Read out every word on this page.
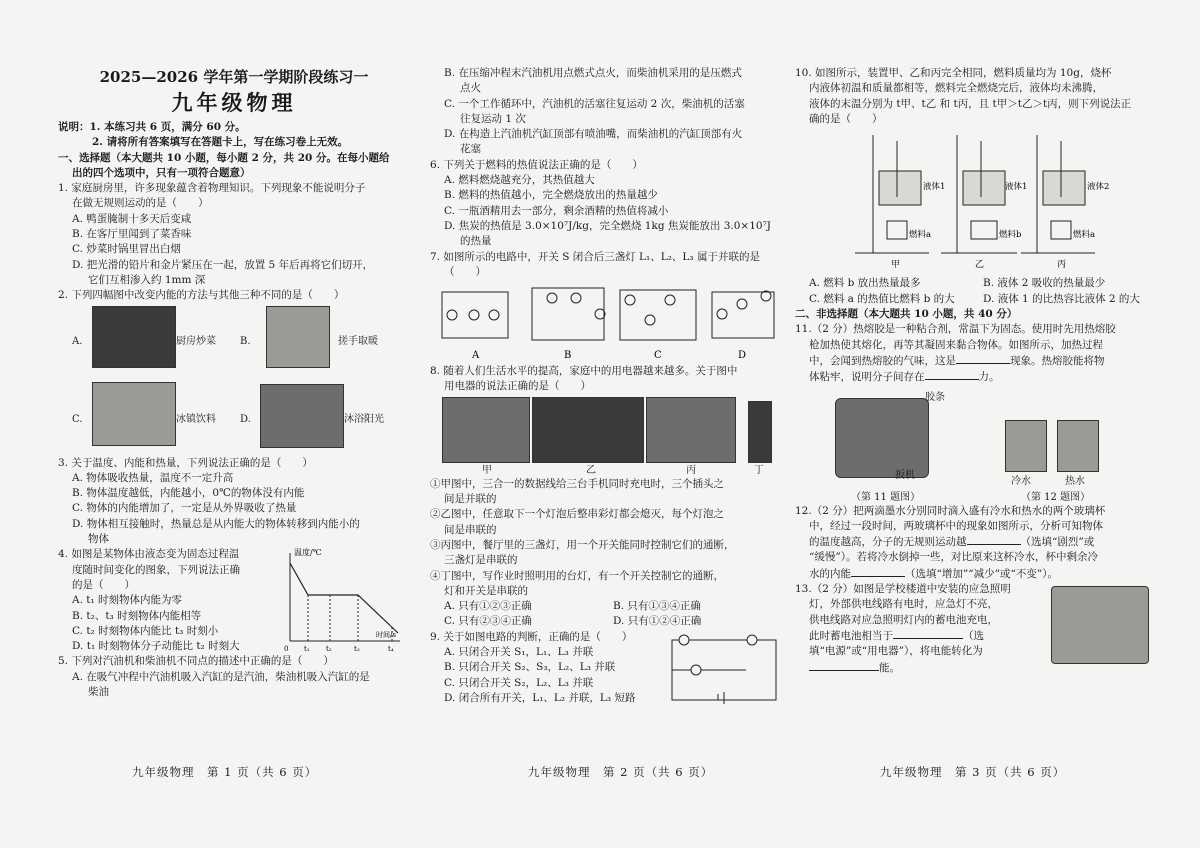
2025—2026 学年第一学期阶段练习一

九年级物理

说明：1. 本练习共 6 页，满分 60 分。

2. 请将所有答案填写在答题卡上，写在练习卷上无效。

一、选择题（本大题共 10 小题，每小题 2 分，共 20 分。在每小题给

出的四个选项中，只有一项符合题意）

1. 家庭厨房里，许多现象蕴含着物理知识。下列现象不能说明分子

在做无规则运动的是（　　）

A. 鸭蛋腌制十多天后变咸

B. 在客厅里闻到了菜香味

C. 炒菜时锅里冒出白烟

D. 把光滑的铅片和金片紧压在一起，放置 5 年后再将它们切开，

它们互相渗入约 1mm 深

2. 下列四幅图中改变内能的方法与其他三种不同的是（　　）

A.	厨房炒菜 B.	搓手取暖
C.	冰镇饮料 D.	沐浴阳光

3. 关于温度、内能和热量，下列说法正确的是（　　）

A. 物体吸收热量，温度不一定升高

B. 物体温度越低，内能越小，0℃的物体没有内能

C. 物体的内能增加了，一定是从外界吸收了热量

D. 物体相互接触时，热量总是从内能大的物体转移到内能小的

物体

4. 如图是某物体由液态变为固态过程温

度随时间变化的图象，下列说法正确

的是（　　）

A. t₁ 时刻物体内能为零

B. t₂、t₃ 时刻物体内能相等

C. t₂ 时刻物体内能比 t₃ 时刻小

D. t₁ 时刻物体分子动能比 t₂ 时刻大

温度/℃
0 t₁ t₂	t₃	t₄
时间/s

5. 下列对汽油机和柴油机不同点的描述中正确的是（　　）

A. 在吸气冲程中汽油机吸入汽缸的是汽油，柴油机吸入汽缸的是

柴油

九年级物理　第 1 页（共 6 页）

B. 在压缩冲程末汽油机用点燃式点火，而柴油机采用的是压燃式

点火

C. 一个工作循环中，汽油机的活塞往复运动 2 次，柴油机的活塞

往复运动 1 次

D. 在构造上汽油机汽缸顶部有喷油嘴，而柴油机的汽缸顶部有火

花塞

6. 下列关于燃料的热值说法正确的是（　　）

A. 燃料燃烧越充分，其热值越大

B. 燃料的热值越小，完全燃烧放出的热量越少

C. 一瓶酒精用去一部分，剩余酒精的热值将减小

D. 焦炭的热值是 3.0×10⁷J/kg，完全燃烧 1kg 焦炭能放出 3.0×10⁷J

的热量

7. 如图所示的电路中，开关 S 闭合后三盏灯 L₁、L₂、L₃ 属于并联的是

（　　）

A	B	C	D

8. 随着人们生活水平的提高，家庭中的用电器越来越多。关于图中

用电器的说法正确的是（　　）

甲	乙	丙	丁

①甲图中，三合一的数据线给三台手机同时充电时，三个插头之

间是并联的

②乙图中，任意取下一个灯泡后整串彩灯都会熄灭，每个灯泡之

间是串联的

③丙图中，餐厅里的三盏灯，用一个开关能同时控制它们的通断，

三盏灯是串联的

④丁图中，写作业时照明用的台灯，有一个开关控制它的通断，

灯和开关是串联的

A. 只有①②③正确	B. 只有①③④正确
C. 只有②③④正确	D. 只有①②④正确

9. 关于如图电路的判断，正确的是（　　）

A. 只闭合开关 S₁，L₁、L₃ 并联

B. 只闭合开关 S₂、S₃，L₂、L₃ 并联

C. 只闭合开关 S₂，L₂、L₃ 并联

D. 闭合所有开关，L₁、L₂ 并联，L₃ 短路

九年级物理　第 2 页（共 6 页）

10. 如图所示，装置甲、乙和丙完全相同，燃料质量均为 10g，烧杯

内液体初温和质量都相等，燃料完全燃烧完后，液体均未沸腾，

液体的末温分别为 t甲、t乙 和 t丙，且 t甲＞t乙＞t丙，则下列说法正

确的是（　　）

液体1	液体1	液体2
燃料a	燃料b	燃料a
甲	乙	丙
A. 燃料 b 放出热量最多	B. 液体 2 吸收的热量最少
C. 燃料 a 的热值比燃料 b 的大	D. 液体 1 的比热容比液体 2 的大

二、非选择题（本大题共 10 小题，共 40 分）

11.（2 分）热熔胶是一种粘合剂，常温下为固态。使用时先用热熔胶

枪加热使其熔化，再等其凝固来黏合物体。如图所示，加热过程

中，会闻到热熔胶的气味，这是	现象。热熔胶能将物

体粘牢，说明分子间存在	力。

胶条
扳机
（第 11 题图）
冷水	热水
（第 12 题图）

12.（2 分）把两滴墨水分别同时滴入盛有冷水和热水的两个玻璃杯

中，经过一段时间，两玻璃杯中的现象如图所示，分析可知物体

的温度越高，分子的无规则运动越	（选填“剧烈”或

“缓慢”）。若将冷水倒掉一些，对比原来这杯冷水，杯中剩余冷

水的内能	（选填“增加”“减少”或“不变”）。

13.（2 分）如图是学校楼道中安装的应急照明

灯，外部供电线路有电时，应急灯不亮，

供电线路对应急照明灯内的蓄电池充电，

此时蓄电池相当于	（选

填“电源”或“用电器”），将电能转化为

能。

九年级物理　第 3 页（共 6 页）
